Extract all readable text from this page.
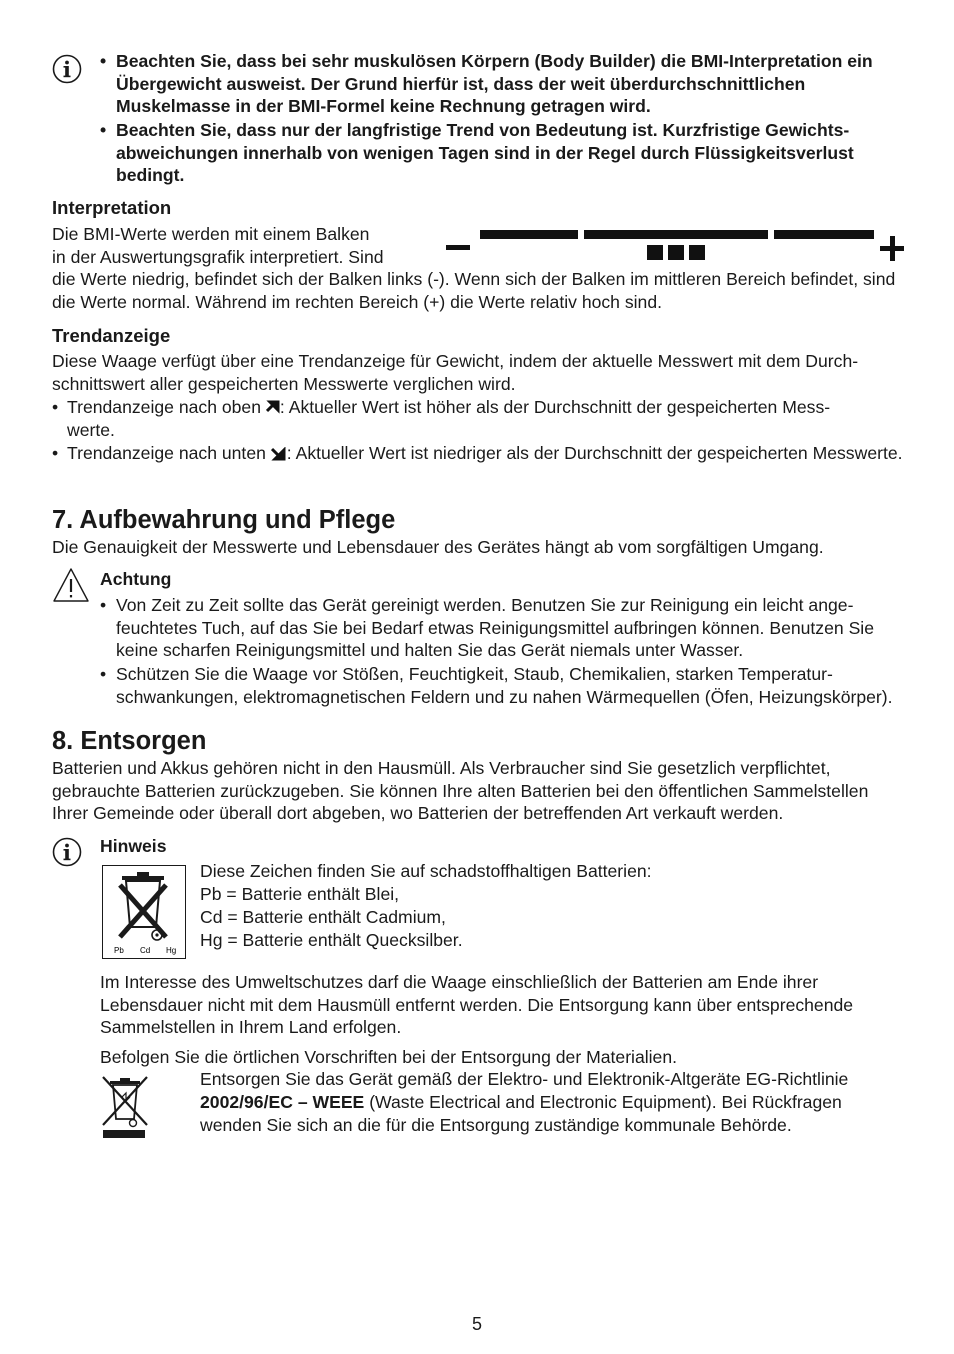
• Beachten Sie, dass bei sehr muskulösen Körpern (Body Builder) die BMI-Interpretation ein Übergewicht ausweist. Der Grund hierfür ist, dass der weit überdurchschnittlichen Muskelmasse in der BMI-Formel keine Rechnung getragen wird.

• Beachten Sie, dass nur der langfristige Trend von Bedeutung ist. Kurzfristige Gewichtsabweichungen innerhalb von wenigen Tagen sind in der Regel durch Flüssigkeitsverlust bedingt.

Interpretation
Die BMI-Werte werden mit einem Balken
in der Auswertungsgrafik interpretiert. Sind

die Werte niedrig, befindet sich der Balken links (-). Wenn sich der Balken im mittleren Bereich befindet, sind die Werte normal. Während im rechten Bereich (+) die Werte relativ hoch sind.

Trendanzeige

Diese Waage verfügt über eine Trendanzeige für Gewicht, indem der aktuelle Messwert mit dem Durchschnittswert aller gespeicherten Messwerte verglichen wird.

• Trendanzeige nach oben : Aktueller Wert ist höher als der Durchschnitt der gespeicherten Messwerte.

• Trendanzeige nach unten : Aktueller Wert ist niedriger als der Durchschnitt der gespeicherten Messwerte.

7. Aufbewahrung und Pflege

Die Genauigkeit der Messwerte und Lebensdauer des Gerätes hängt ab vom sorgfältigen Umgang.

Achtung

• Von Zeit zu Zeit sollte das Gerät gereinigt werden. Benutzen Sie zur Reinigung ein leicht angefeuchtetes Tuch, auf das Sie bei Bedarf etwas Reinigungsmittel aufbringen können. Benutzen Sie keine scharfen Reinigungsmittel und halten Sie das Gerät niemals unter Wasser.

• Schützen Sie die Waage vor Stößen, Feuchtigkeit, Staub, Chemikalien, starken Temperaturschwankungen, elektromagnetischen Feldern und zu nahen Wärmequellen (Öfen, Heizungskörper).

8. Entsorgen

Batterien und Akkus gehören nicht in den Hausmüll. Als Verbraucher sind Sie gesetzlich verpflichtet, gebrauchte Batterien zurückzugeben. Sie können Ihre alten Batterien bei den öffentlichen Sammelstellen Ihrer Gemeinde oder überall dort abgeben, wo Batterien der betreffenden Art verkauft werden.

Hinweis
Pb Cd Hg
Diese Zeichen finden Sie auf schadstoffhaltigen Batterien:
Pb = Batterie enthält Blei,
Cd = Batterie enthält Cadmium,
Hg = Batterie enthält Quecksilber.

Im Interesse des Umweltschutzes darf die Waage einschließlich der Batterien am Ende ihrer Lebensdauer nicht mit dem Hausmüll entfernt werden. Die Entsorgung kann über entsprechende Sammelstellen in Ihrem Land erfolgen.

Befolgen Sie die örtlichen Vorschriften bei der Entsorgung der Materialien.
Entsorgen Sie das Gerät gemäß der Elektro- und Elektronik-Altgeräte EG-Richtlinie
2002/96/EC – WEEE (Waste Electrical and Electronic Equipment). Bei Rückfragen
wenden Sie sich an die für die Entsorgung zuständige kommunale Behörde.
5
